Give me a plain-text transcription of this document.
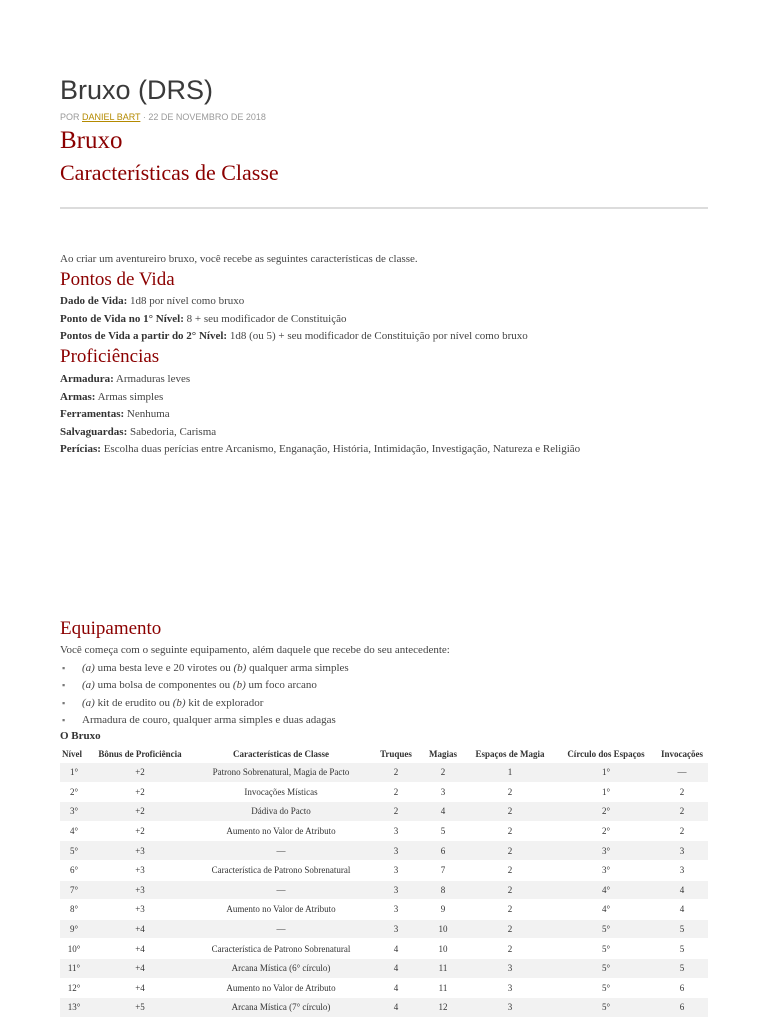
Bruxo (DRS)
POR DANIEL BART · 22 DE NOVEMBRO DE 2018
Bruxo
Características de Classe
Ao criar um aventureiro bruxo, você recebe as seguintes características de classe.
Pontos de Vida
Dado de Vida: 1d8 por nível como bruxo
Ponto de Vida no 1° Nível: 8 + seu modificador de Constituição
Pontos de Vida a partir do 2° Nível: 1d8 (ou 5) + seu modificador de Constituição por nível como bruxo
Proficiências
Armadura: Armaduras leves
Armas: Armas simples
Ferramentas: Nenhuma
Salvaguardas: Sabedoria, Carisma
Perícias: Escolha duas perícias entre Arcanismo, Enganação, História, Intimidação, Investigação, Natureza e Religião
Equipamento
Você começa com o seguinte equipamento, além daquele que recebe do seu antecedente:
▪ (a) uma besta leve e 20 virotes ou (b) qualquer arma simples
▪ (a) uma bolsa de componentes ou (b) um foco arcano
▪ (a) kit de erudito ou (b) kit de explorador
▪ Armadura de couro, qualquer arma simples e duas adagas
O Bruxo
Nível	Bônus de Proficiência	Características de Classe	Truques	Magias	Espaços de Magia	Círculo dos Espaços	Invocações
1°	+2	Patrono Sobrenatural, Magia de Pacto	2	2	1	1°	—
2°	+2	Invocações Místicas	2	3	2	1°	2
3°	+2	Dádiva do Pacto	2	4	2	2°	2
4°	+2	Aumento no Valor de Atributo	3	5	2	2°	2
5°	+3	—	3	6	2	3°	3
6°	+3	Característica de Patrono Sobrenatural	3	7	2	3°	3
7°	+3	—	3	8	2	4°	4
8°	+3	Aumento no Valor de Atributo	3	9	2	4°	4
9°	+4	—	3	10	2	5°	5
10°	+4	Característica de Patrono Sobrenatural	4	10	2	5°	5
11°	+4	Arcana Mística (6° círculo)	4	11	3	5°	5
12°	+4	Aumento no Valor de Atributo	4	11	3	5°	6
13°	+5	Arcana Mística (7° círculo)	4	12	3	5°	6
